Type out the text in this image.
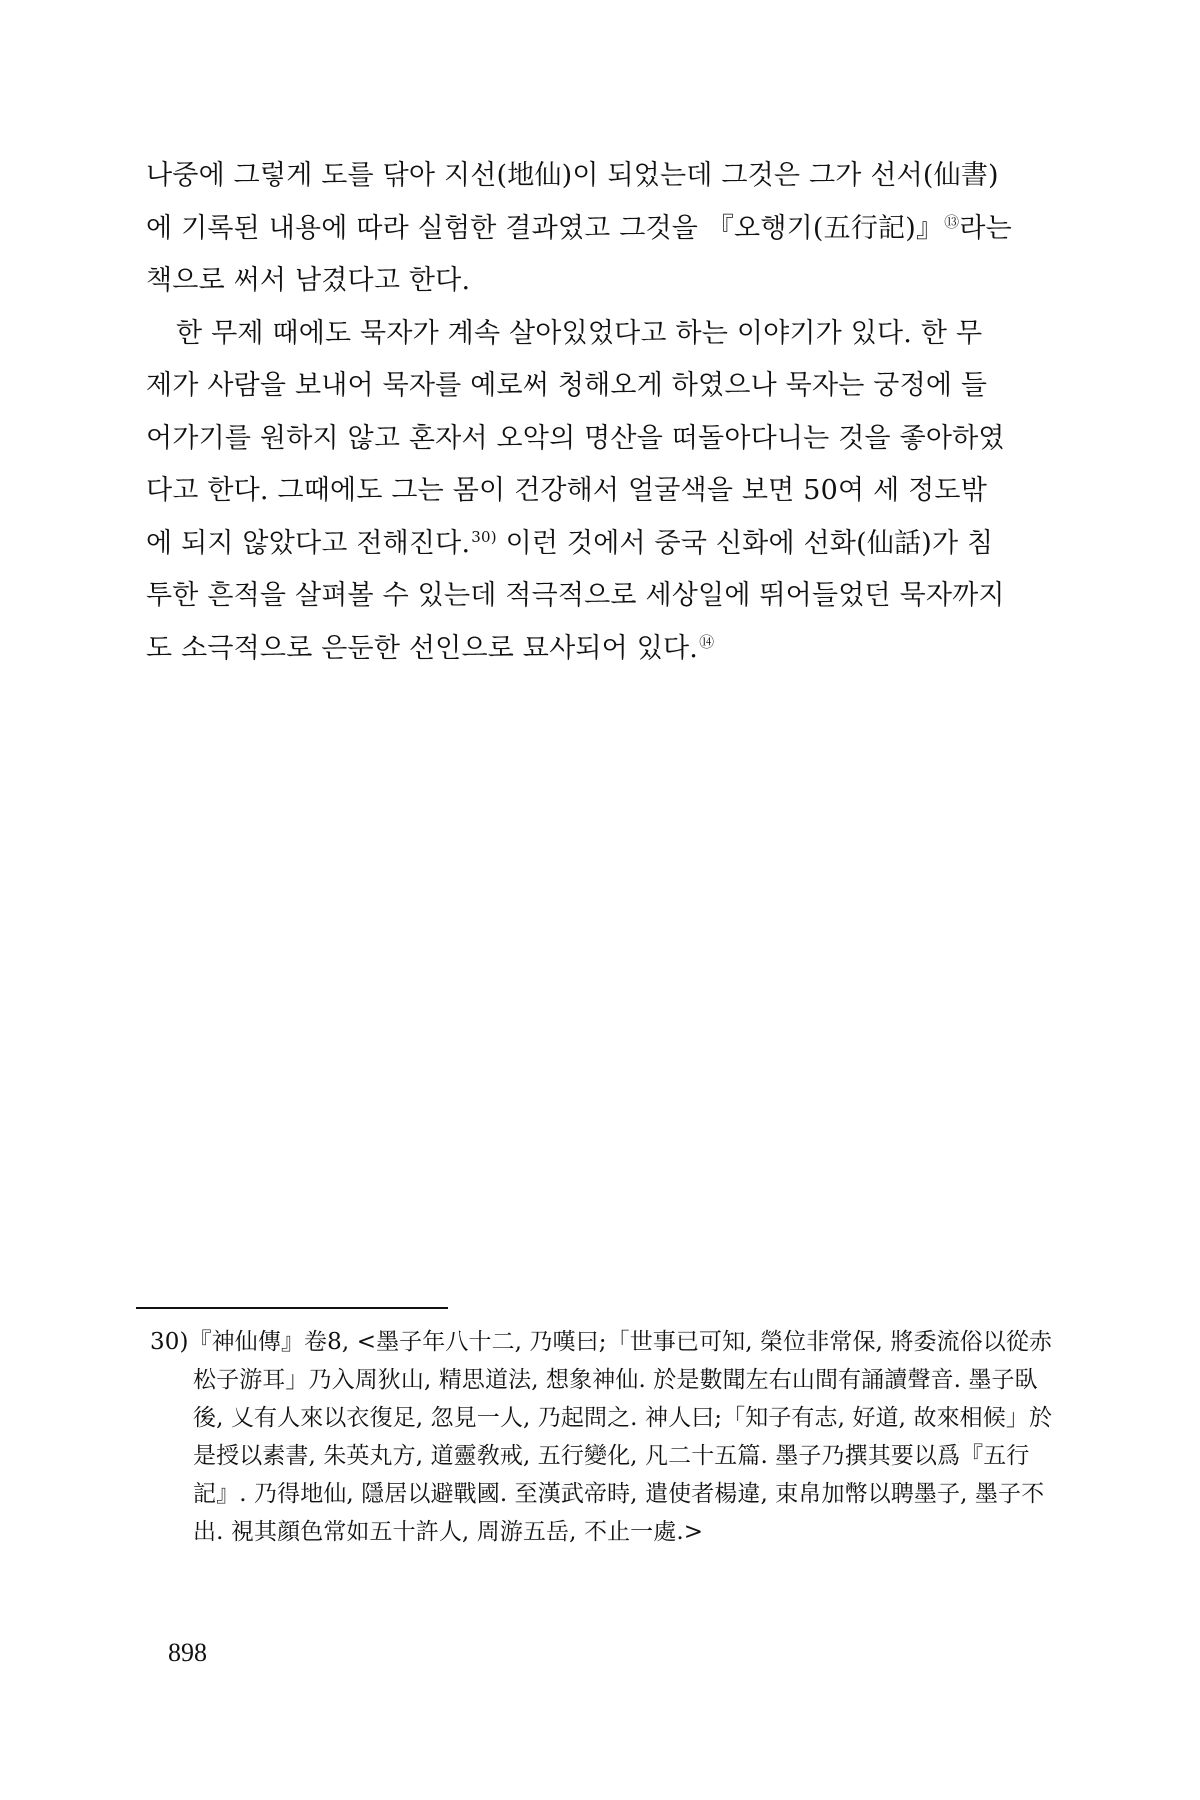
나중에 그렇게 도를 닦아 지선(地仙)이 되었는데 그것은 그가 선서(仙書)
에 기록된 내용에 따라 실험한 결과였고 그것을 『오행기(五行記)』⑬라는
책으로 써서 남겼다고 한다.
한 무제 때에도 묵자가 계속 살아있었다고 하는 이야기가 있다. 한 무
제가 사람을 보내어 묵자를 예로써 청해오게 하였으나 묵자는 궁정에 들
어가기를 원하지 않고 혼자서 오악의 명산을 떠돌아다니는 것을 좋아하였
다고 한다. 그때에도 그는 몸이 건강해서 얼굴색을 보면 50여 세 정도밖
에 되지 않았다고 전해진다.$^{30)}$ 이런 것에서 중국 신화에 선화(仙話)가 침
투한 흔적을 살펴볼 수 있는데 적극적으로 세상일에 뛰어들었던 묵자까지
도 소극적으로 은둔한 선인으로 묘사되어 있다.⑭
30)『神仙傳』卷8, <墨子年八十二, 乃嘆曰;「世事已可知, 榮位非常保, 將委流俗以從赤
松子游耳」乃入周狄山, 精思道法, 想象神仙. 於是數聞左右山間有誦讀聲音. 墨子臥
後, 乂有人來以衣復足, 忽見一人, 乃起問之. 神人曰;「知子有志, 好道, 故來相候」於
是授以素書, 朱英丸方, 道靈敎戒, 五行變化, 凡二十五篇. 墨子乃撰其要以爲『五行
記』. 乃得地仙, 隱居以避戰國. 至漢武帝時, 遣使者楊違, 束帛加幣以聘墨子, 墨子不
出. 視其顔色常如五十許人, 周游五岳, 不止一處.>
898
